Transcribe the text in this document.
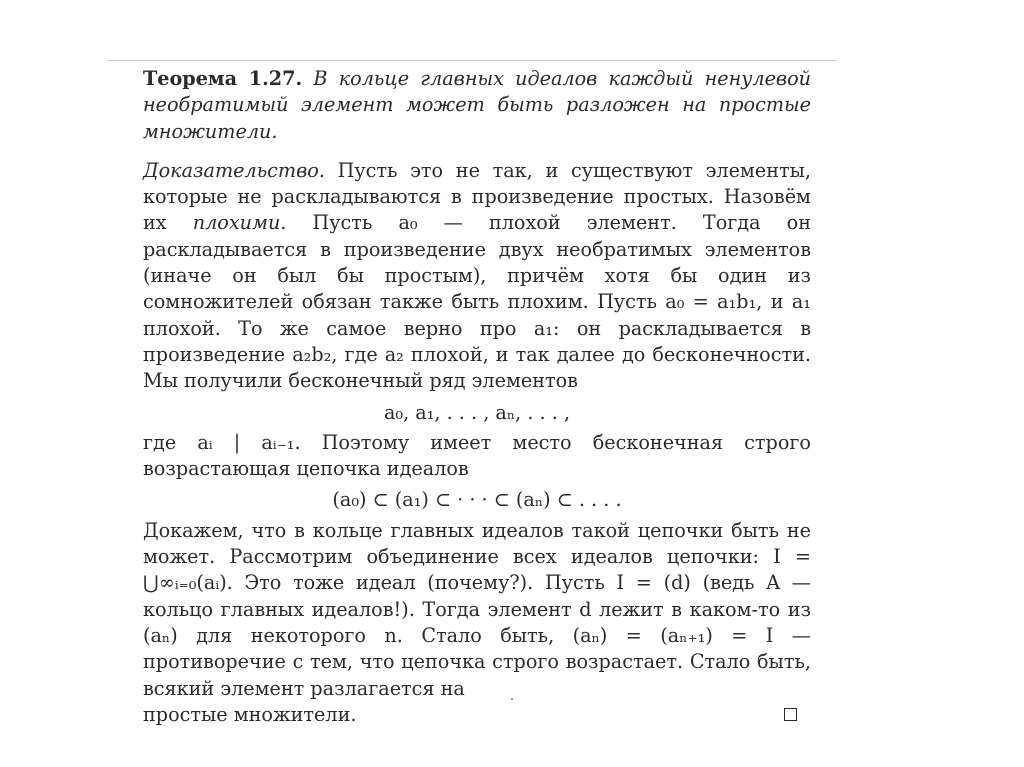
Теорема 1.27. В кольце главных идеалов каждый ненулевой необратимый элемент может быть разложен на простые множители.

Доказательство. Пусть это не так, и существуют элементы, которые не раскладываются в произведение простых. Назовём их плохими. Пусть a₀ — плохой элемент. Тогда он раскладывается в произведение двух необратимых элементов (иначе он был бы простым), причём хотя бы один из сомножителей обязан также быть плохим. Пусть a₀ = a₁b₁, и a₁ плохой. То же самое верно про a₁: он раскладывается в произведение a₂b₂, где a₂ плохой, и так далее до бесконечности. Мы получили бесконечный ряд элементов

a₀, a₁, . . . , aₙ, . . . ,

где aᵢ | aᵢ₋₁. Поэтому имеет место бесконечная строго возрастающая цепочка идеалов

(a₀) ⊂ (a₁) ⊂ · · · ⊂ (aₙ) ⊂ . . . .

Докажем, что в кольце главных идеалов такой цепочки быть не может. Рассмотрим объединение всех идеалов цепочки: I = ⋃∞ᵢ₌₀(aᵢ). Это тоже идеал (почему?). Пусть I = (d) (ведь A — кольцо главных идеалов!). Тогда элемент d лежит в каком-то из (aₙ) для некоторого n. Стало быть, (aₙ) = (aₙ₊₁) = I — противоречие с тем, что цепочка строго возрастает. Стало быть, всякий элемент разлагается на

простые множители.
